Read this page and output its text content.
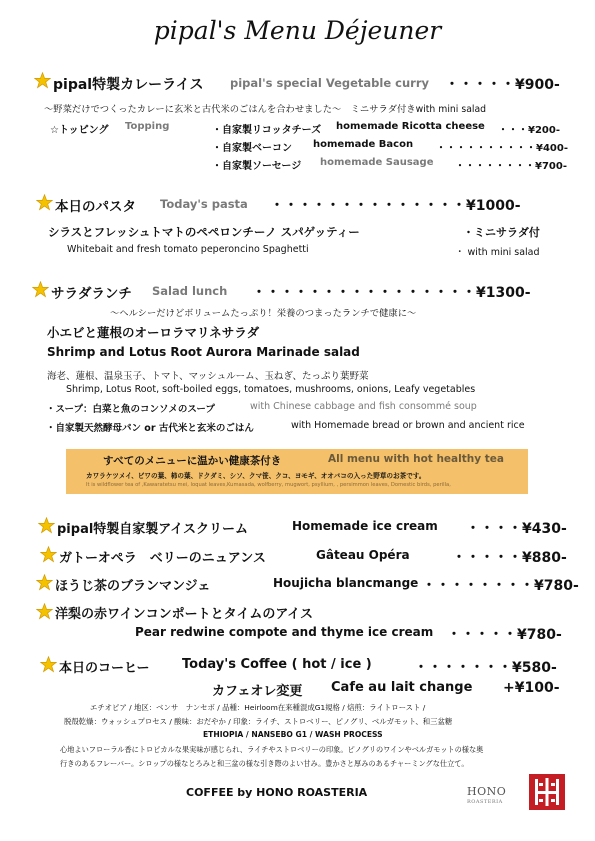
pipal's Menu Déjeuner
pipal特製カレーライス pipal's special Vegetable curry ・・・・・¥900-
〜野菜だけでつくったカレーに玄米と古代米のごはんを合わせました〜　ミニサラダ付きwith mini salad
☆トッピング Topping	・自家製リコッタチーズ homemade Ricotta cheese ・・・¥200-
・自家製ベーコン homemade Bacon ・・・・・・・・・・¥400-
・自家製ソーセージ homemade Sausage ・・・・・・・・¥700-
本日のパスタ Today's pasta ・・・・・・・・・・・・・・¥1000-
シラスとフレッシュトマトのペペロンチーノ スパゲッティー	・ミニサラダ付
Whitebait and fresh tomato peperoncino Spaghetti	・ with mini salad
サラダランチ Salad lunch ・・・・・・・・・・・・・・・・¥1300-
〜ヘルシーだけどボリュームたっぷり！栄養のつまったランチで健康に〜
小エビと蓮根のオーロラマリネサラダ
Shrimp and Lotus Root Aurora Marinade salad
海老、蓮根、温泉玉子、トマト、マッシュルーム、玉ねぎ、たっぷり葉野菜
Shrimp, Lotus Root, soft-boiled eggs, tomatoes, mushrooms, onions, Leafy vegetables
・スープ：白菜と魚のコンソメのスープ	with Chinese cabbage and fish consommé soup
・自家製天然酵母パン or 古代米と玄米のごはん	with Homemade bread or brown and ancient rice
すべてのメニューに温かい健康茶付き	All menu with hot healthy tea
カワラケツメイ、ビワの葉、柿の葉、ドクダミ、シソ、クマ笹、クコ、ヨモギ、オオバコの入った野草のお茶です。
It is wildflower tea of ,Kawaratetsu mei, loquat leaves,Kumasada, wolfberry, mugwort, psyllium, , persimmon leaves, Domestic birds, perilla,
pipal特製自家製アイスクリーム	Homemade ice cream ・・・・¥430-
ガトーオペラ　ベリーのニュアンス	Gâteau Opéra	・・・・・¥880-
ほうじ茶のブランマンジェ	Houjicha blancmange ・・・・・・・・¥780-
洋梨の赤ワインコンポートとタイムのアイス
Pear redwine compote and thyme ice cream ・・・・・¥780-
本日のコーヒー	Today's Coffee ( hot / ice )	・・・・・・・¥580-
カフェオレ変更 Cafe au lait change +¥100-
エチオピア / 地区：ベンサ　ナンセボ / 品種：Heirloom在来種混成G1規格 / 焙煎：ライトロースト /
脱殻乾燥：ウォッシュプロセス / 酸味：おだやか / 印象：ライチ、ストロベリー、ピノグリ、ベルガモット、和三盆糖
ETHIOPIA / NANSEBO G1 / WASH PROCESS
心地よいフローラル香にトロピカルな果実味が感じられ、ライチやストロベリーの印象。ピノグリのワインやベルガモットの様な奥
行きのあるフレーバー。シロップの様なとろみと和三盆の様な引き際のよい甘み。豊かさと厚みのあるチャーミングな仕立て。
COFFEE by HONO ROASTERIA	HONO
ROASTERIA
